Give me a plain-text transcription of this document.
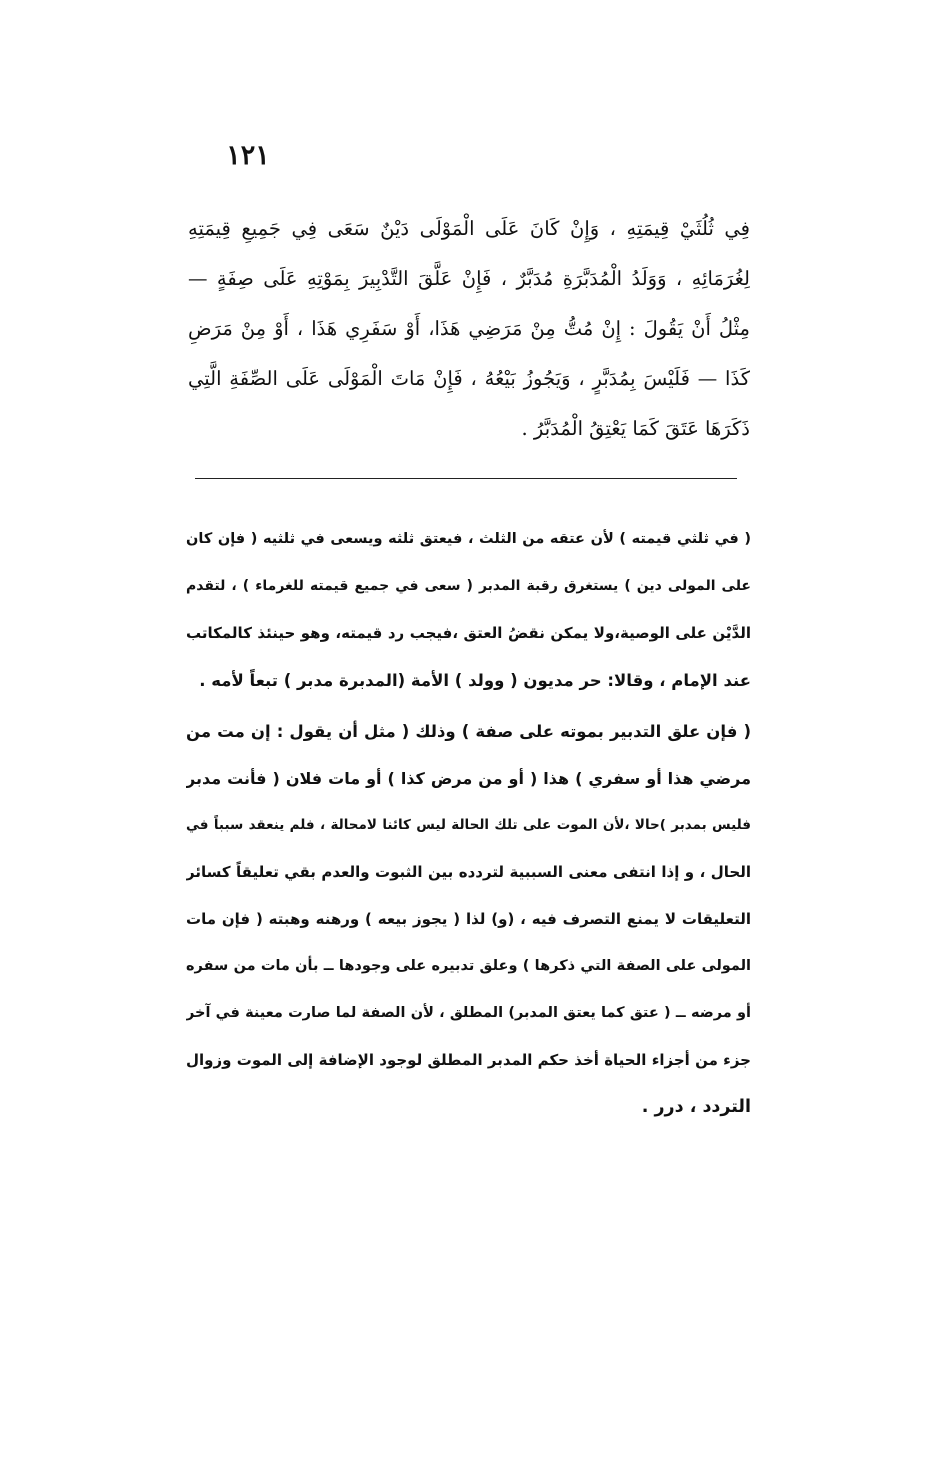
١٢١
فِي ثُلُثَيْ قِيمَتِهِ ، وَإِنْ كَانَ عَلَى الْمَوْلَى دَيْنٌ سَعَى فِي جَمِيعِ قِيمَتِهِ
لِغُرَمَائِهِ ، وَوَلَدُ الْمُدَبَّرَةِ مُدَبَّرٌ ، فَإِنْ عَلَّقَ التَّدْبِيرَ بِمَوْتِهِ عَلَى صِفَةٍ —
مِثْلُ أَنْ يَقُولَ : إِنْ مُتُّ مِنْ مَرَضِي هَذَا، أَوْ سَفَرِي هَذَا ، أَوْ مِنْ مَرَضِ
كَذَا — فَلَيْسَ بِمُدَبَّرٍ ، وَيَجُوزُ بَيْعُهُ ، فَإِنْ مَاتَ الْمَوْلَى عَلَى الصِّفَةِ الَّتِي
ذَكَرَهَا عَتَقَ كَمَا يَعْتِقُ الْمُدَبَّرُ .
( في ثلثي قيمته ) لأن عتقه من الثلث ، فيعتق ثلثه ويسعى في ثلثيه ( فإن كان
على المولى دين ) يستغرق رقبة المدبر ( سعى في جميع قيمته للغرماء ) ، لتقدم
الدَّيْن على الوصية،ولا يمكن نقضُ العتق ،فيجب رد قيمته، وهو حينئذ كالمكاتب
عند الإمام ، وقالا: حر مديون ( وولد ) الأمة (المدبرة مدبر ) تبعاً لأمه .
( فإن علق التدبير بموته على صفة ) وذلك ( مثل أن يقول : إن مت من
مرضي هذا أو سفري ) هذا ( أو من مرض كذا ) أو مات فلان ( فأنت مدبر
فليس بمدبر )حالا ،لأن الموت على تلك الحالة ليس كائنا لامحالة ، فلم ينعقد سبباً في
الحال ، و إذا انتفى معنى السببية لتردده بين الثبوت والعدم بقي تعليقاً كسائر
التعليقات لا يمنع التصرف فيه ، (و) لذا ( يجوز بيعه ) ورهنه وهبته ( فإن مات
المولى على الصفة التي ذكرها ) وعلق تدبيره على وجودها ــ بأن مات من سفره
أو مرضه ــ ( عتق كما يعتق المدبر) المطلق ، لأن الصفة لما صارت معينة في آخر
جزء من أجزاء الحياة أخذ حكم المدبر المطلق لوجود الإضافة إلى الموت وزوال
التردد ، درر .
